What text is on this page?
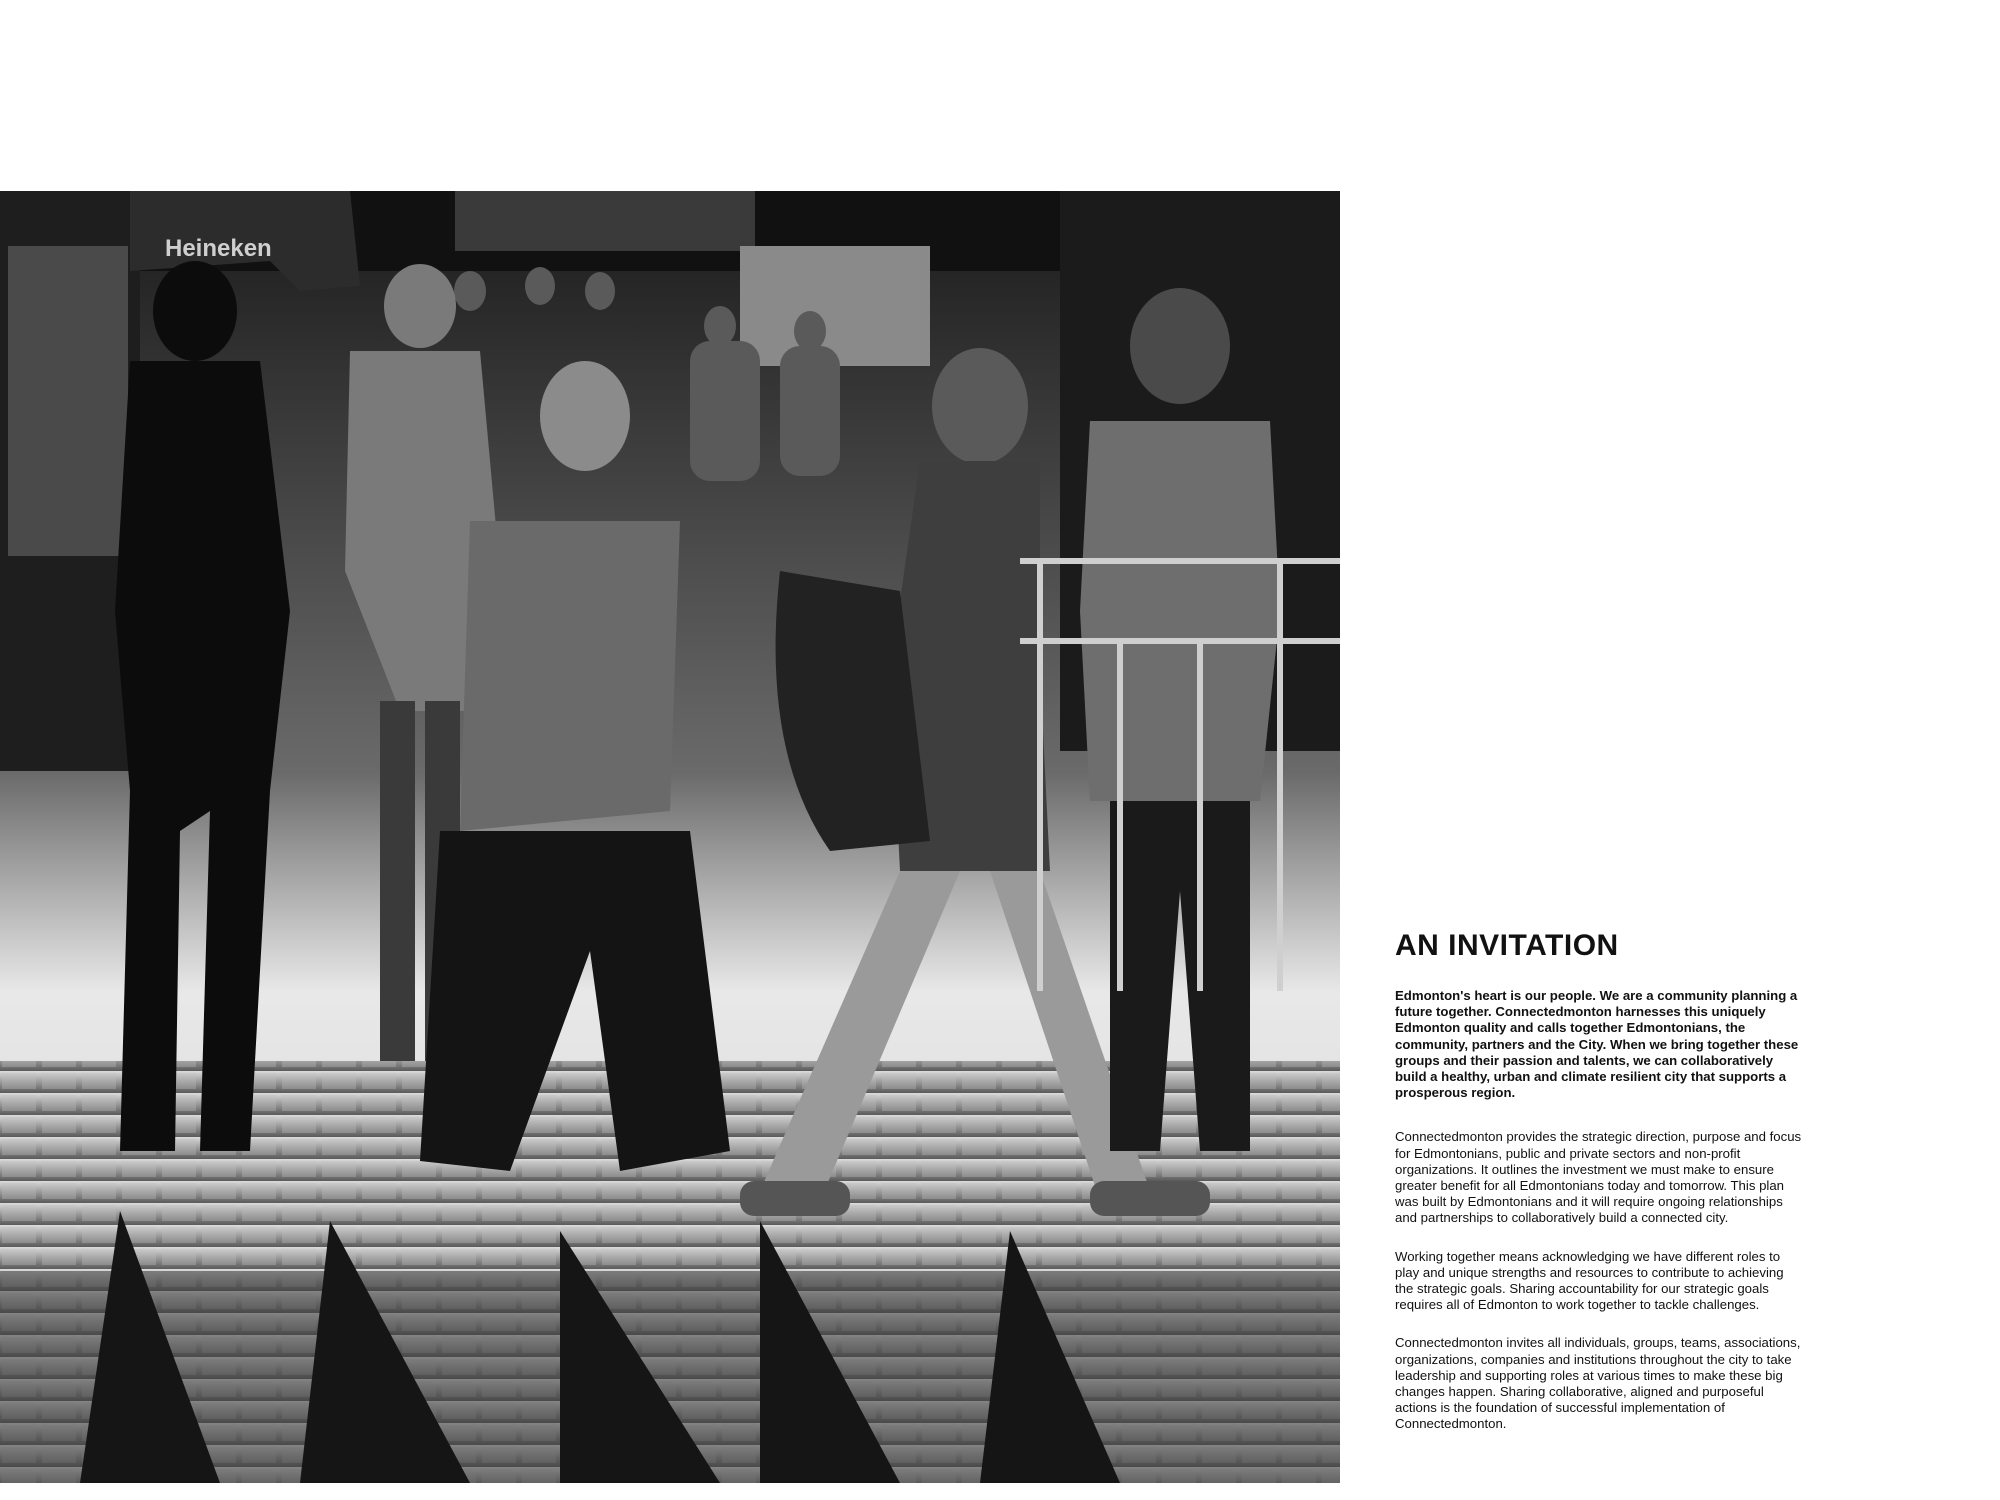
Heineken
AN INVITATION

Edmonton's heart is our people. We are a community planning a future together. Connectedmonton harnesses this uniquely Edmonton quality and calls together Edmontonians, the community, partners and the City. When we bring together these groups and their passion and talents, we can collaboratively build a healthy, urban and climate resilient city that supports a prosperous region.

Connectedmonton provides the strategic direction, purpose and focus for Edmontonians, public and private sectors and non-profit organizations. It outlines the investment we must make to ensure greater benefit for all Edmontonians today and tomorrow. This plan was built by Edmontonians and it will require ongoing relationships and partnerships to collaboratively build a connected city.

Working together means acknowledging we have different roles to play and unique strengths and resources to contribute to achieving the strategic goals. Sharing accountability for our strategic goals requires all of Edmonton to work together to tackle challenges.

Connectedmonton invites all individuals, groups, teams, associations, organizations, companies and institutions throughout the city to take leadership and supporting roles at various times to make these big changes happen. Sharing collaborative, aligned and purposeful actions is the foundation of successful implementation of Connectedmonton.
